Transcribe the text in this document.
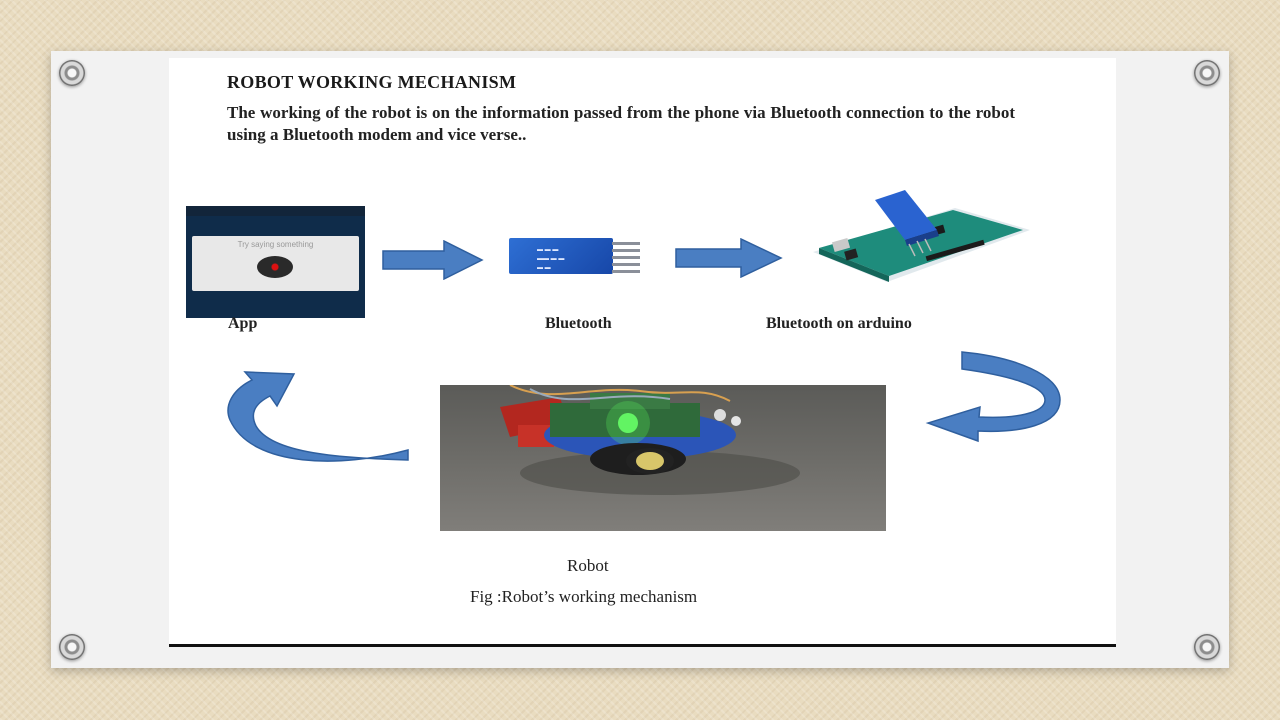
ROBOT WORKING MECHANISM

The working of the robot is on the information passed from the phone via Bluetooth connection to the robot using a Bluetooth modem and vice verse..

Try saying something
▬ ▬ ▬
▬▬ ▬ ▬
▬ ▬
App	Bluetooth	Bluetooth on arduino
Robot
Fig :Robot’s working mechanism
